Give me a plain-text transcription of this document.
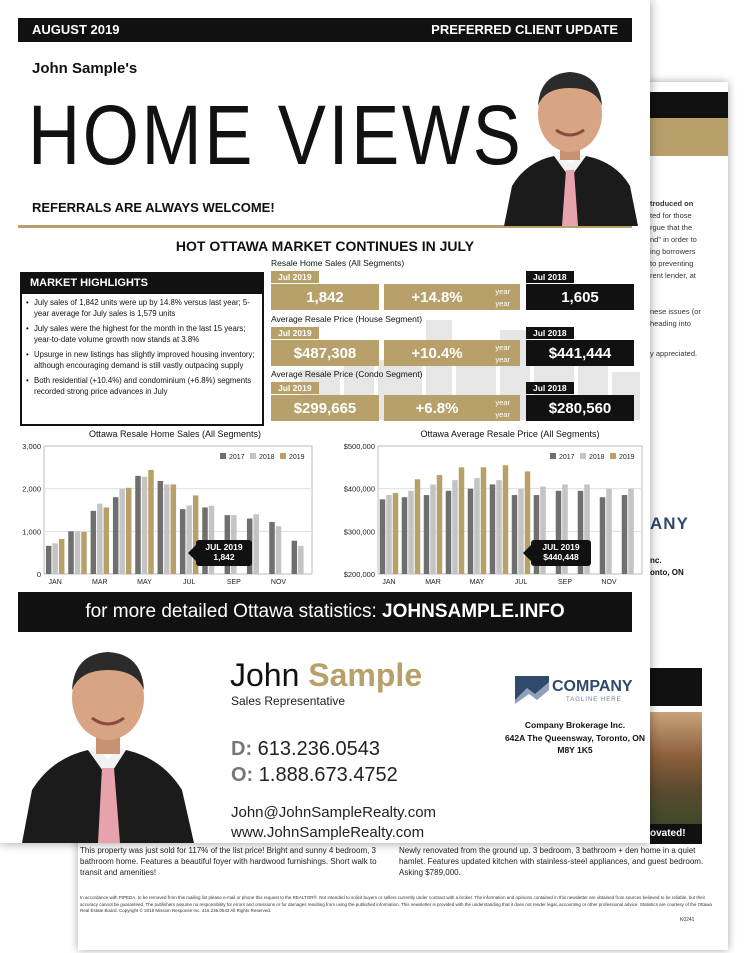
troduced on
ted for those
rgue that the
nd" in order to
ing borrowers
to preventing
rent lender, at
nese issues (or
heading into
y appreciated.
ANY
nc.
onto, ON
ovated!
This property was just sold for 117% of the list price! Bright and sunny 4 bedroom, 3 bathroom home. Features a beautiful foyer with hardwood furnishings. Short walk to transit and amenities!
Newly renovated from the ground up. 3 bedroom, 3 bathroom + den home in a quiet hamlet. Features updated kitchen with stainless-steel appliances, and guest bedroom. Asking $789,000.
In accordance with PIPEDA, to be removed from this mailing list please e-mail or phone this request to the REALTOR®. Not intended to solicit buyers or sellers currently under contract with a broker. The information and opinions contained in this newsletter are obtained from sources believed to be reliable, but their accuracy cannot be guaranteed. The publishers assume no responsibility for errors and omissions or for damages resulting from using the published information. This newsletter is provided with the understanding that it does not render legal, accounting or other professional advice. Statistics are courtesy of the Ottawa Real Estate Board. Copyright © 2019 Mission Response Inc. 416.236.0543 All Rights Reserved.
K0241
AUGUST 2019	PREFERRED CLIENT UPDATE
John Sample's
HOME VIEWS
REFERRALS ARE ALWAYS WELCOME!
HOT OTTAWA MARKET CONTINUES IN JULY
MARKET HIGHLIGHTS
• July sales of 1,842 units were up by 14.8% versus last year; 5-year average for July sales is 1,579 units
• July sales were the highest for the month in the last 15 years; year-to-date volume growth now stands at 3.8%
• Upsurge in new listings has slightly improved housing inventory; although encouraging demand is still vastly outpacing supply
• Both residential (+10.4%) and condominium (+6.8%) segments recorded strong price advances in July
Resale Home Sales (All Segments)
Jul 2019
1,842	+14.8%	year
year
Jul 2018
1,605
Average Resale Price (House Segment)
Jul 2019
$487,308	+10.4%	year
year
Jul 2018
$441,444
Average Resale Price (Condo Segment)
Jul 2019
$299,665	+6.8%	year
year
Jul 2018
$280,560
Ottawa Resale Home Sales (All Segments)
3,000
2,000
1,000
0
JAN	MAR	MAY	JUL	SEP	NOV
2017 2018 2019
JUL 2019
1,842
Ottawa Average Resale Price (All Segments)
$500,000
$400,000
$300,000
$200,000
JAN	MAR	MAY	JUL	SEP	NOV
2017 2018 2019
JUL 2019
$440,448
for more detailed Ottawa statistics: JOHNSAMPLE.INFO
John Sample
Sales Representative
D: 613.236.0543
O: 1.888.673.4752
John@JohnSampleRealty.com
www.JohnSampleRealty.com
COMPANY
TAGLINE HERE
Company Brokerage Inc.
642A The Queensway, Toronto, ON
M8Y 1K5
